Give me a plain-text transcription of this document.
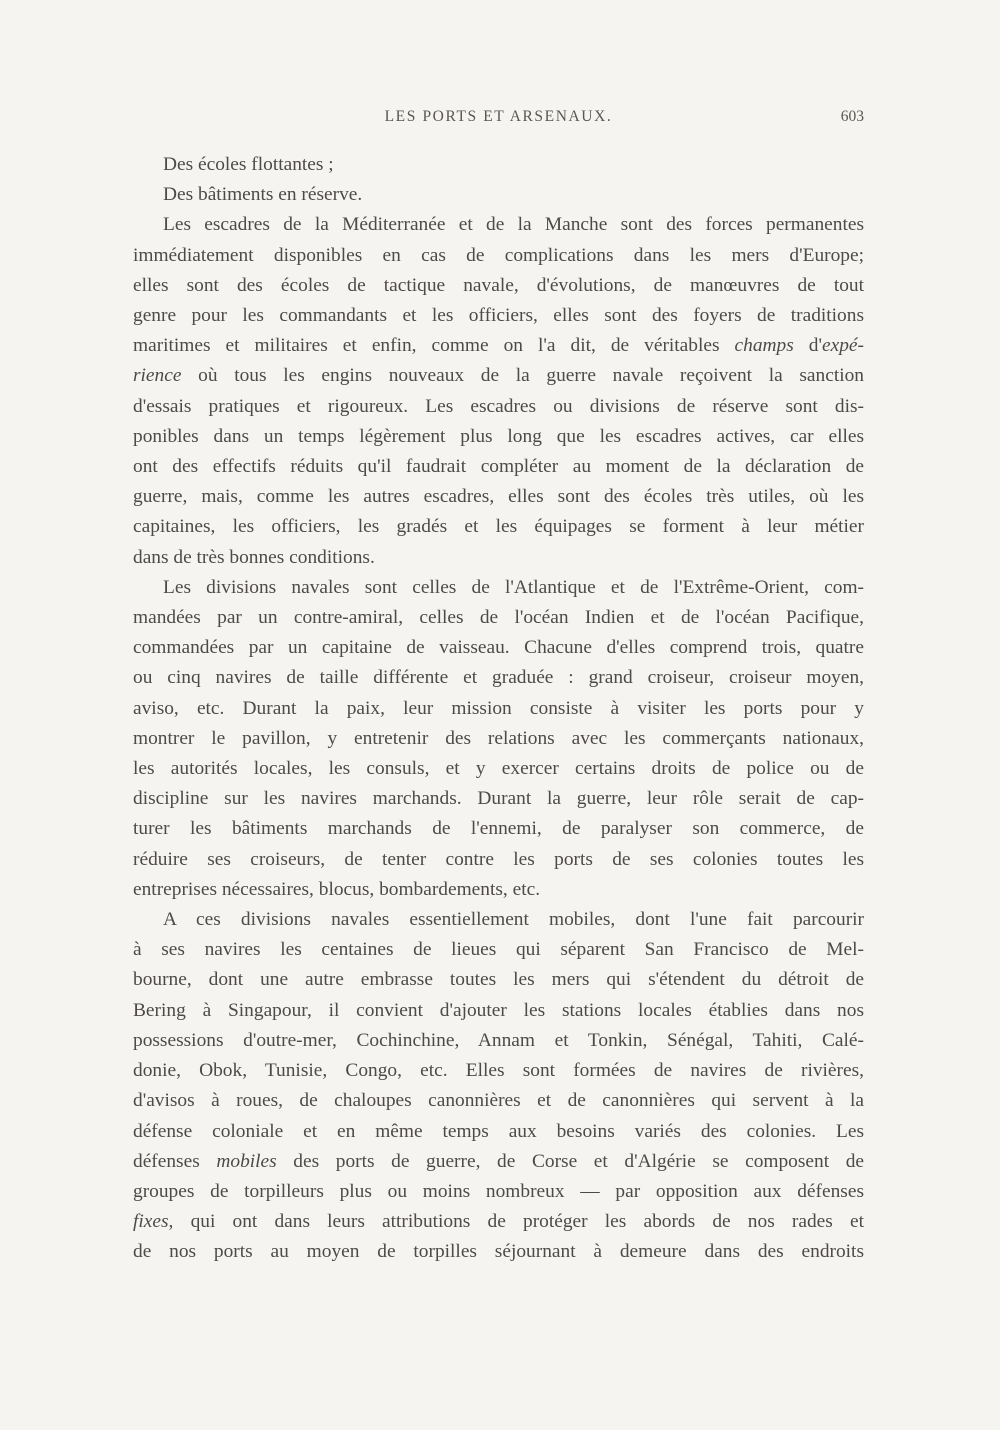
LES PORTS ET ARSENAUX.	603
Des écoles flottantes ;
Des bâtiments en réserve.
Les escadres de la Méditerranée et de la Manche sont des forces permanentes
immédiatement disponibles en cas de complications dans les mers d'Europe;
elles sont des écoles de tactique navale, d'évolutions, de manœuvres de tout
genre pour les commandants et les officiers, elles sont des foyers de traditions
maritimes et militaires et enfin, comme on l'a dit, de véritables champs d'expé-
rience où tous les engins nouveaux de la guerre navale reçoivent la sanction
d'essais pratiques et rigoureux. Les escadres ou divisions de réserve sont dis-
ponibles dans un temps légèrement plus long que les escadres actives, car elles
ont des effectifs réduits qu'il faudrait compléter au moment de la déclaration de
guerre, mais, comme les autres escadres, elles sont des écoles très utiles, où les
capitaines, les officiers, les gradés et les équipages se forment à leur métier
dans de très bonnes conditions.
Les divisions navales sont celles de l'Atlantique et de l'Extrême-Orient, com-
mandées par un contre-amiral, celles de l'océan Indien et de l'océan Pacifique,
commandées par un capitaine de vaisseau. Chacune d'elles comprend trois, quatre
ou cinq navires de taille différente et graduée : grand croiseur, croiseur moyen,
aviso, etc. Durant la paix, leur mission consiste à visiter les ports pour y
montrer le pavillon, y entretenir des relations avec les commerçants nationaux,
les autorités locales, les consuls, et y exercer certains droits de police ou de
discipline sur les navires marchands. Durant la guerre, leur rôle serait de cap-
turer les bâtiments marchands de l'ennemi, de paralyser son commerce, de
réduire ses croiseurs, de tenter contre les ports de ses colonies toutes les
entreprises nécessaires, blocus, bombardements, etc.
A ces divisions navales essentiellement mobiles, dont l'une fait parcourir
à ses navires les centaines de lieues qui séparent San Francisco de Mel-
bourne, dont une autre embrasse toutes les mers qui s'étendent du détroit de
Bering à Singapour, il convient d'ajouter les stations locales établies dans nos
possessions d'outre-mer, Cochinchine, Annam et Tonkin, Sénégal, Tahiti, Calé-
donie, Obok, Tunisie, Congo, etc. Elles sont formées de navires de rivières,
d'avisos à roues, de chaloupes canonnières et de canonnières qui servent à la
défense coloniale et en même temps aux besoins variés des colonies. Les
défenses mobiles des ports de guerre, de Corse et d'Algérie se composent de
groupes de torpilleurs plus ou moins nombreux — par opposition aux défenses
fixes, qui ont dans leurs attributions de protéger les abords de nos rades et
de nos ports au moyen de torpilles séjournant à demeure dans des endroits
